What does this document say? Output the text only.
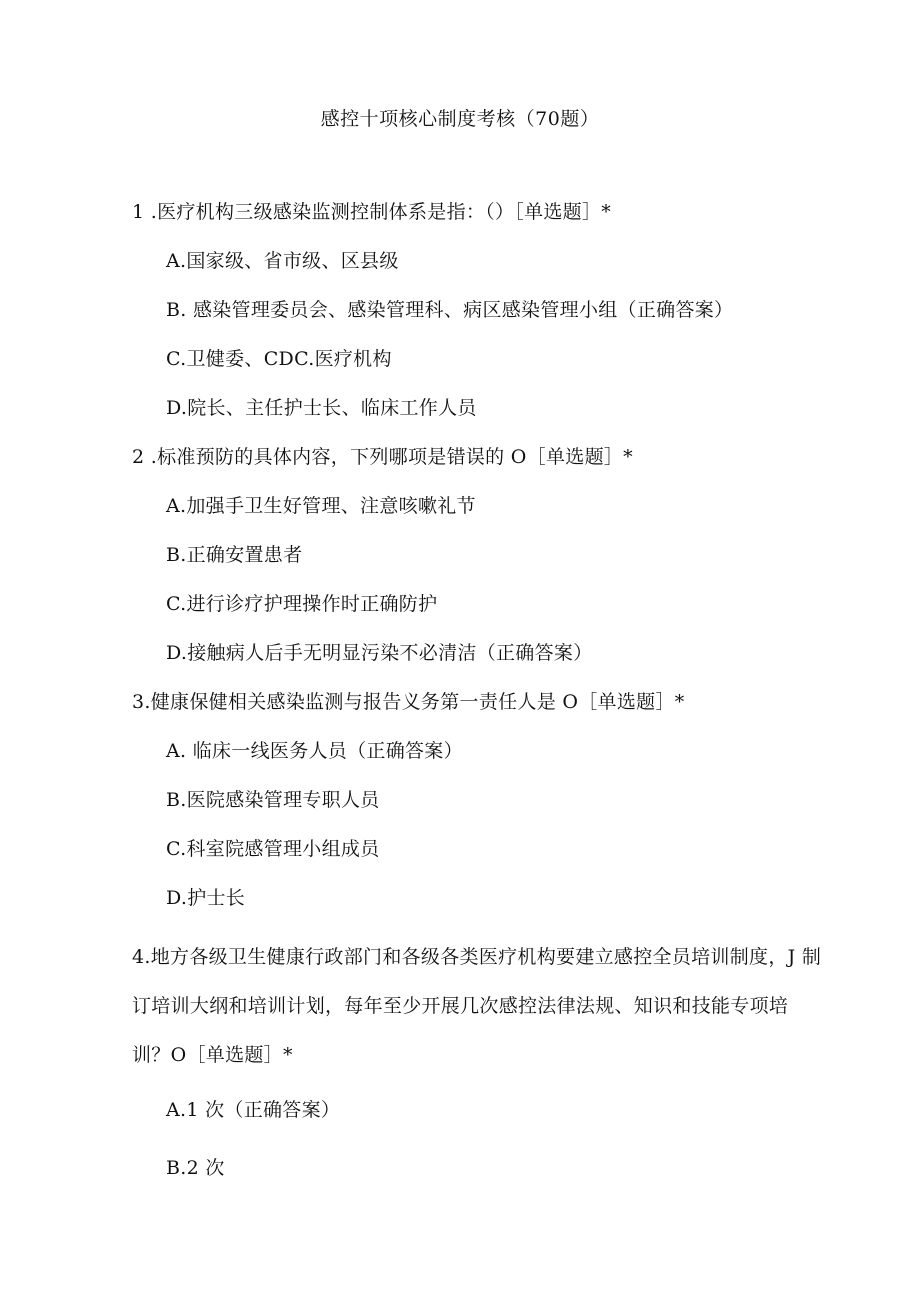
感控十项核心制度考核（70题）
1 .医疗机构三级感染监测控制体系是指：（）［单选题］*
A.国家级、省市级、区县级
B. 感染管理委员会、感染管理科、病区感染管理小组（正确答案）
C.卫健委、CDC.医疗机构
D.院长、主任护士长、临床工作人员
2 .标准预防的具体内容，下列哪项是错误的 O［单选题］*
A.加强手卫生好管理、注意咳嗽礼节
B.正确安置患者
C.进行诊疗护理操作时正确防护
D.接触病人后手无明显污染不必清洁（正确答案）
3.健康保健相关感染监测与报告义务第一责任人是 O［单选题］*
A. 临床一线医务人员（正确答案）
B.医院感染管理专职人员
C.科室院感管理小组成员
D.护士长
4.地方各级卫生健康行政部门和各级各类医疗机构要建立感控全员培训制度，J 制订培训大纲和培训计划，每年至少开展几次感控法律法规、知识和技能专项培训？O［单选题］*
A.1 次（正确答案）
B.2 次
